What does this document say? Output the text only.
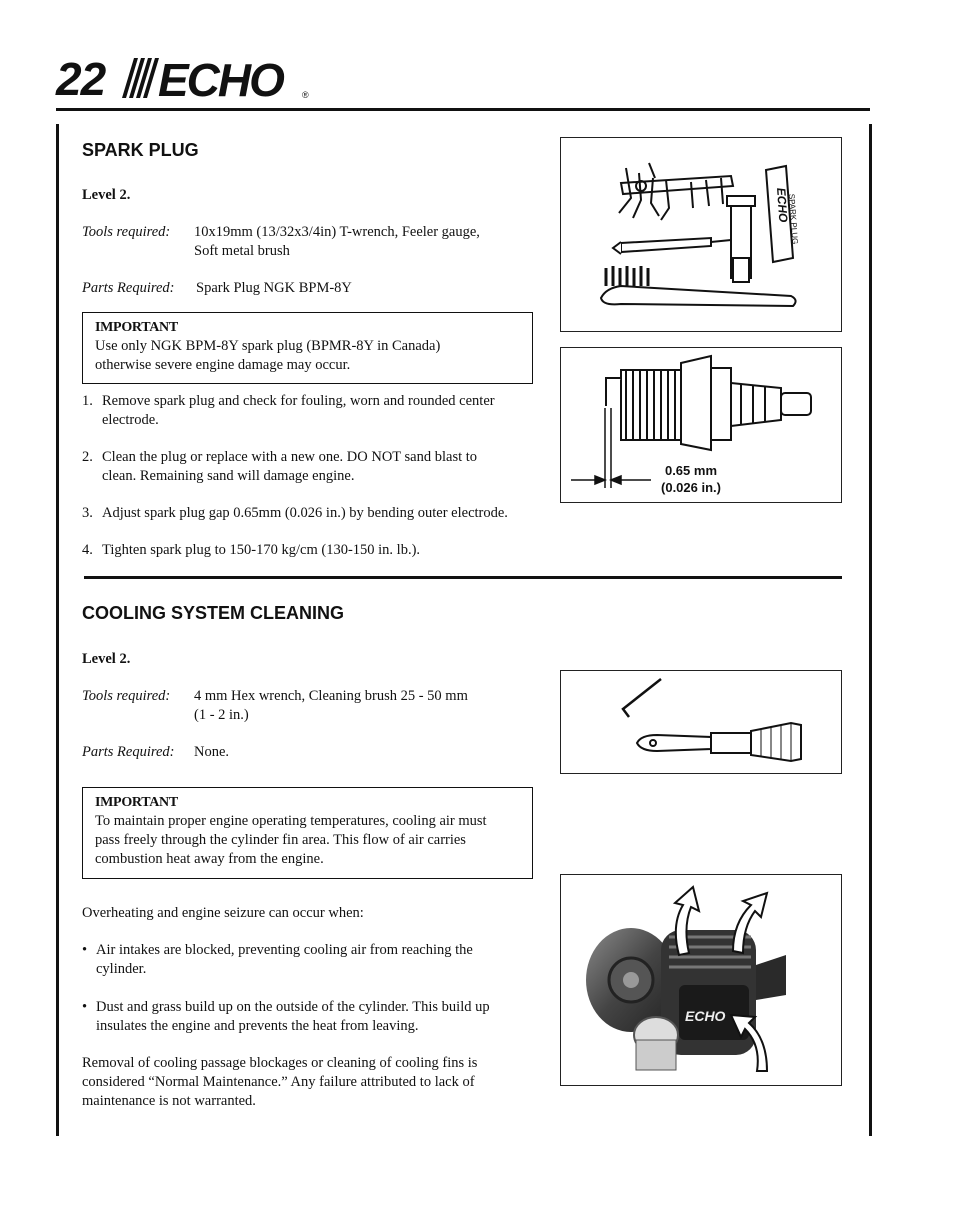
22 ECHO ®
SPARK PLUG
Level 2.
Tools required: 10x19mm (13/32x3/4in) T-wrench, Feeler gauge,
Soft metal brush
Parts Required: Spark Plug NGK BPM-8Y
IMPORTANT
Use only NGK BPM-8Y spark plug (BPMR-8Y in Canada)
otherwise severe engine damage may occur.
1. Remove spark plug and check for fouling, worn and rounded center
electrode.
2. Clean the plug or replace with a new one. DO NOT sand blast to
clean. Remaining sand will damage engine.
3. Adjust spark plug gap 0.65mm (0.026 in.) by bending outer electrode.
4. Tighten spark plug to 150-170 kg/cm (130-150 in. lb.).
ECHO
SPARK PLUG
0.65 mm
(0.026 in.)
COOLING SYSTEM CLEANING
Level 2.
Tools required: 4 mm Hex wrench, Cleaning brush 25 - 50 mm
(1 - 2 in.)
Parts Required: None.
IMPORTANT
To maintain proper engine operating temperatures, cooling air must
pass freely through the cylinder fin area. This flow of air carries
combustion heat away from the engine.
Overheating and engine seizure can occur when:
• Air intakes are blocked, preventing cooling air from reaching the
cylinder.
• Dust and grass build up on the outside of the cylinder. This build up
insulates the engine and prevents the heat from leaving.
Removal of cooling passage blockages or cleaning of cooling fins is
considered “Normal Maintenance.” Any failure attributed to lack of
maintenance is not warranted.
ECHO
